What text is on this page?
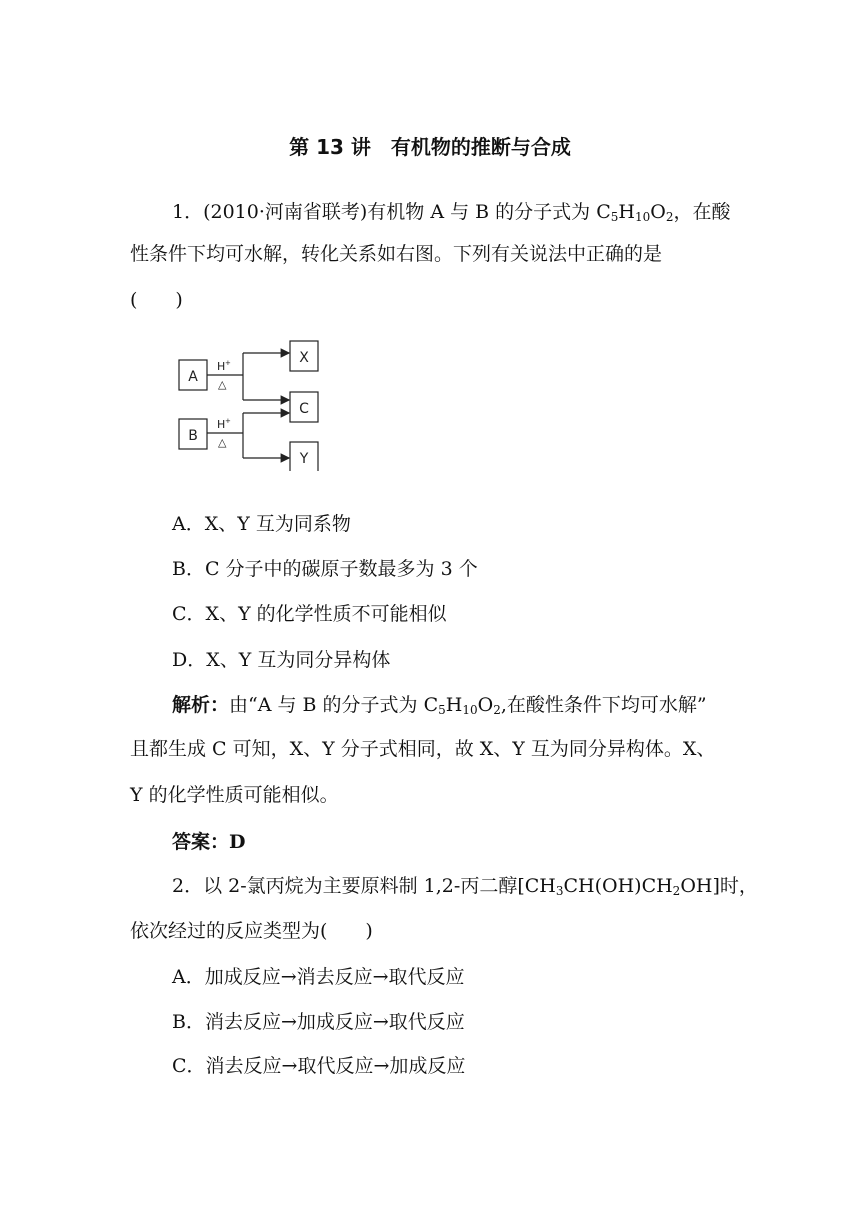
第 13 讲　有机物的推断与合成
1．(2010·河南省联考)有机物 A 与 B 的分子式为 $C_5H_{10}O_2$，在酸
性条件下均可水解，转化关系如右图。下列有关说法中正确的是
(　　)
A
B
X
C
Y
H +
△
H +
△
A．X、Y 互为同系物
B．C 分子中的碳原子数最多为 3 个
C．X、Y 的化学性质不可能相似
D．X、Y 互为同分异构体
解析：由“A 与 B 的分子式为 $C_5H_{10}O_2$,在酸性条件下均可水解”
且都生成 C 可知，X、Y 分子式相同，故 X、Y 互为同分异构体。X、
Y 的化学性质可能相似。
答案：D
2．以 2-氯丙烷为主要原料制 1,2-丙二醇$[CH_3CH(OH)CH_2OH]$时，
依次经过的反应类型为(　　)
A．加成反应→消去反应→取代反应
B．消去反应→加成反应→取代反应
C．消去反应→取代反应→加成反应
